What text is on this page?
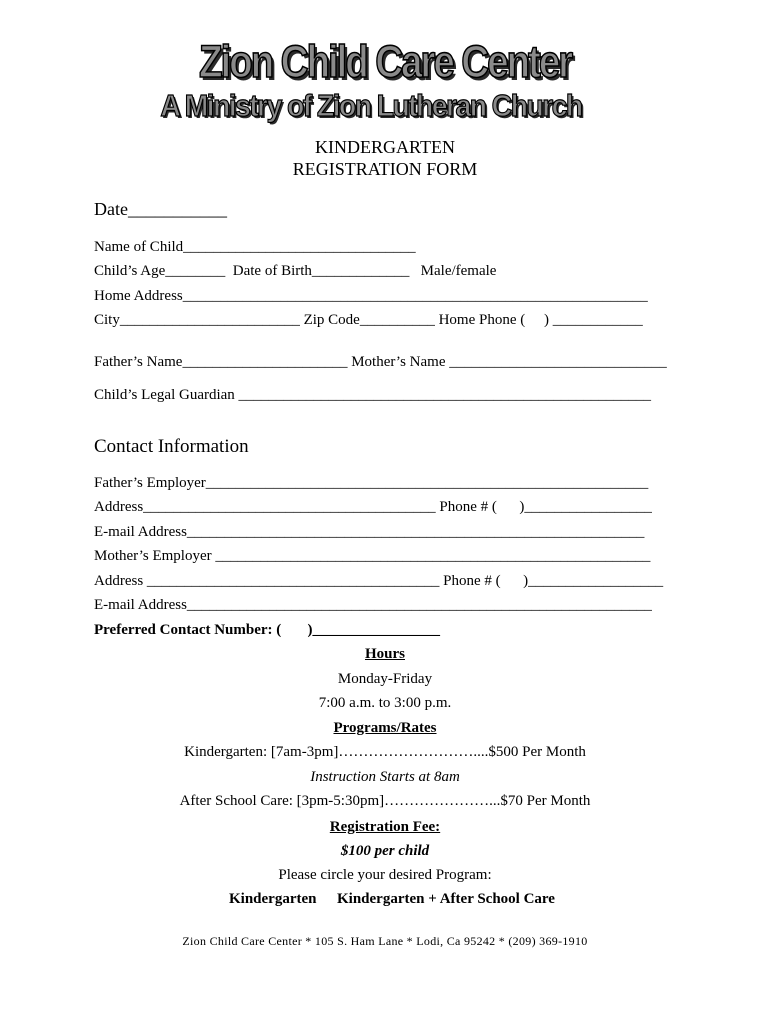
Zion Child Care Center
A Ministry of Zion Lutheran Church
KINDERGARTEN
REGISTRATION FORM
Date___________
Name of Child_______________________________
Child’s Age________  Date of Birth_____________   Male/female
Home Address______________________________________________________________
City________________________ Zip Code__________ Home Phone (     ) ____________
Father’s Name______________________ Mother’s Name _____________________________
Child’s Legal Guardian _______________________________________________________
Contact Information
Father’s Employer___________________________________________________________
Address_______________________________________ Phone # (      )_________________
E-mail Address_____________________________________________________________
Mother’s Employer __________________________________________________________
Address _______________________________________ Phone # (      )__________________
E-mail Address______________________________________________________________
Preferred Contact Number: (       )_________________
Hours
Monday-Friday
7:00 a.m. to 3:00 p.m.
Programs/Rates
Kindergarten: [7am-3pm]………………………....$500 Per Month
Instruction Starts at 8am
After School Care: [3pm-5:30pm]…………………...$70 Per Month
Registration Fee:
$100 per child
Please circle your desired Program:
Kindergarten Kindergarten + After School Care
Zion Child Care Center * 105 S. Ham Lane * Lodi, Ca 95242 * (209) 369-1910
